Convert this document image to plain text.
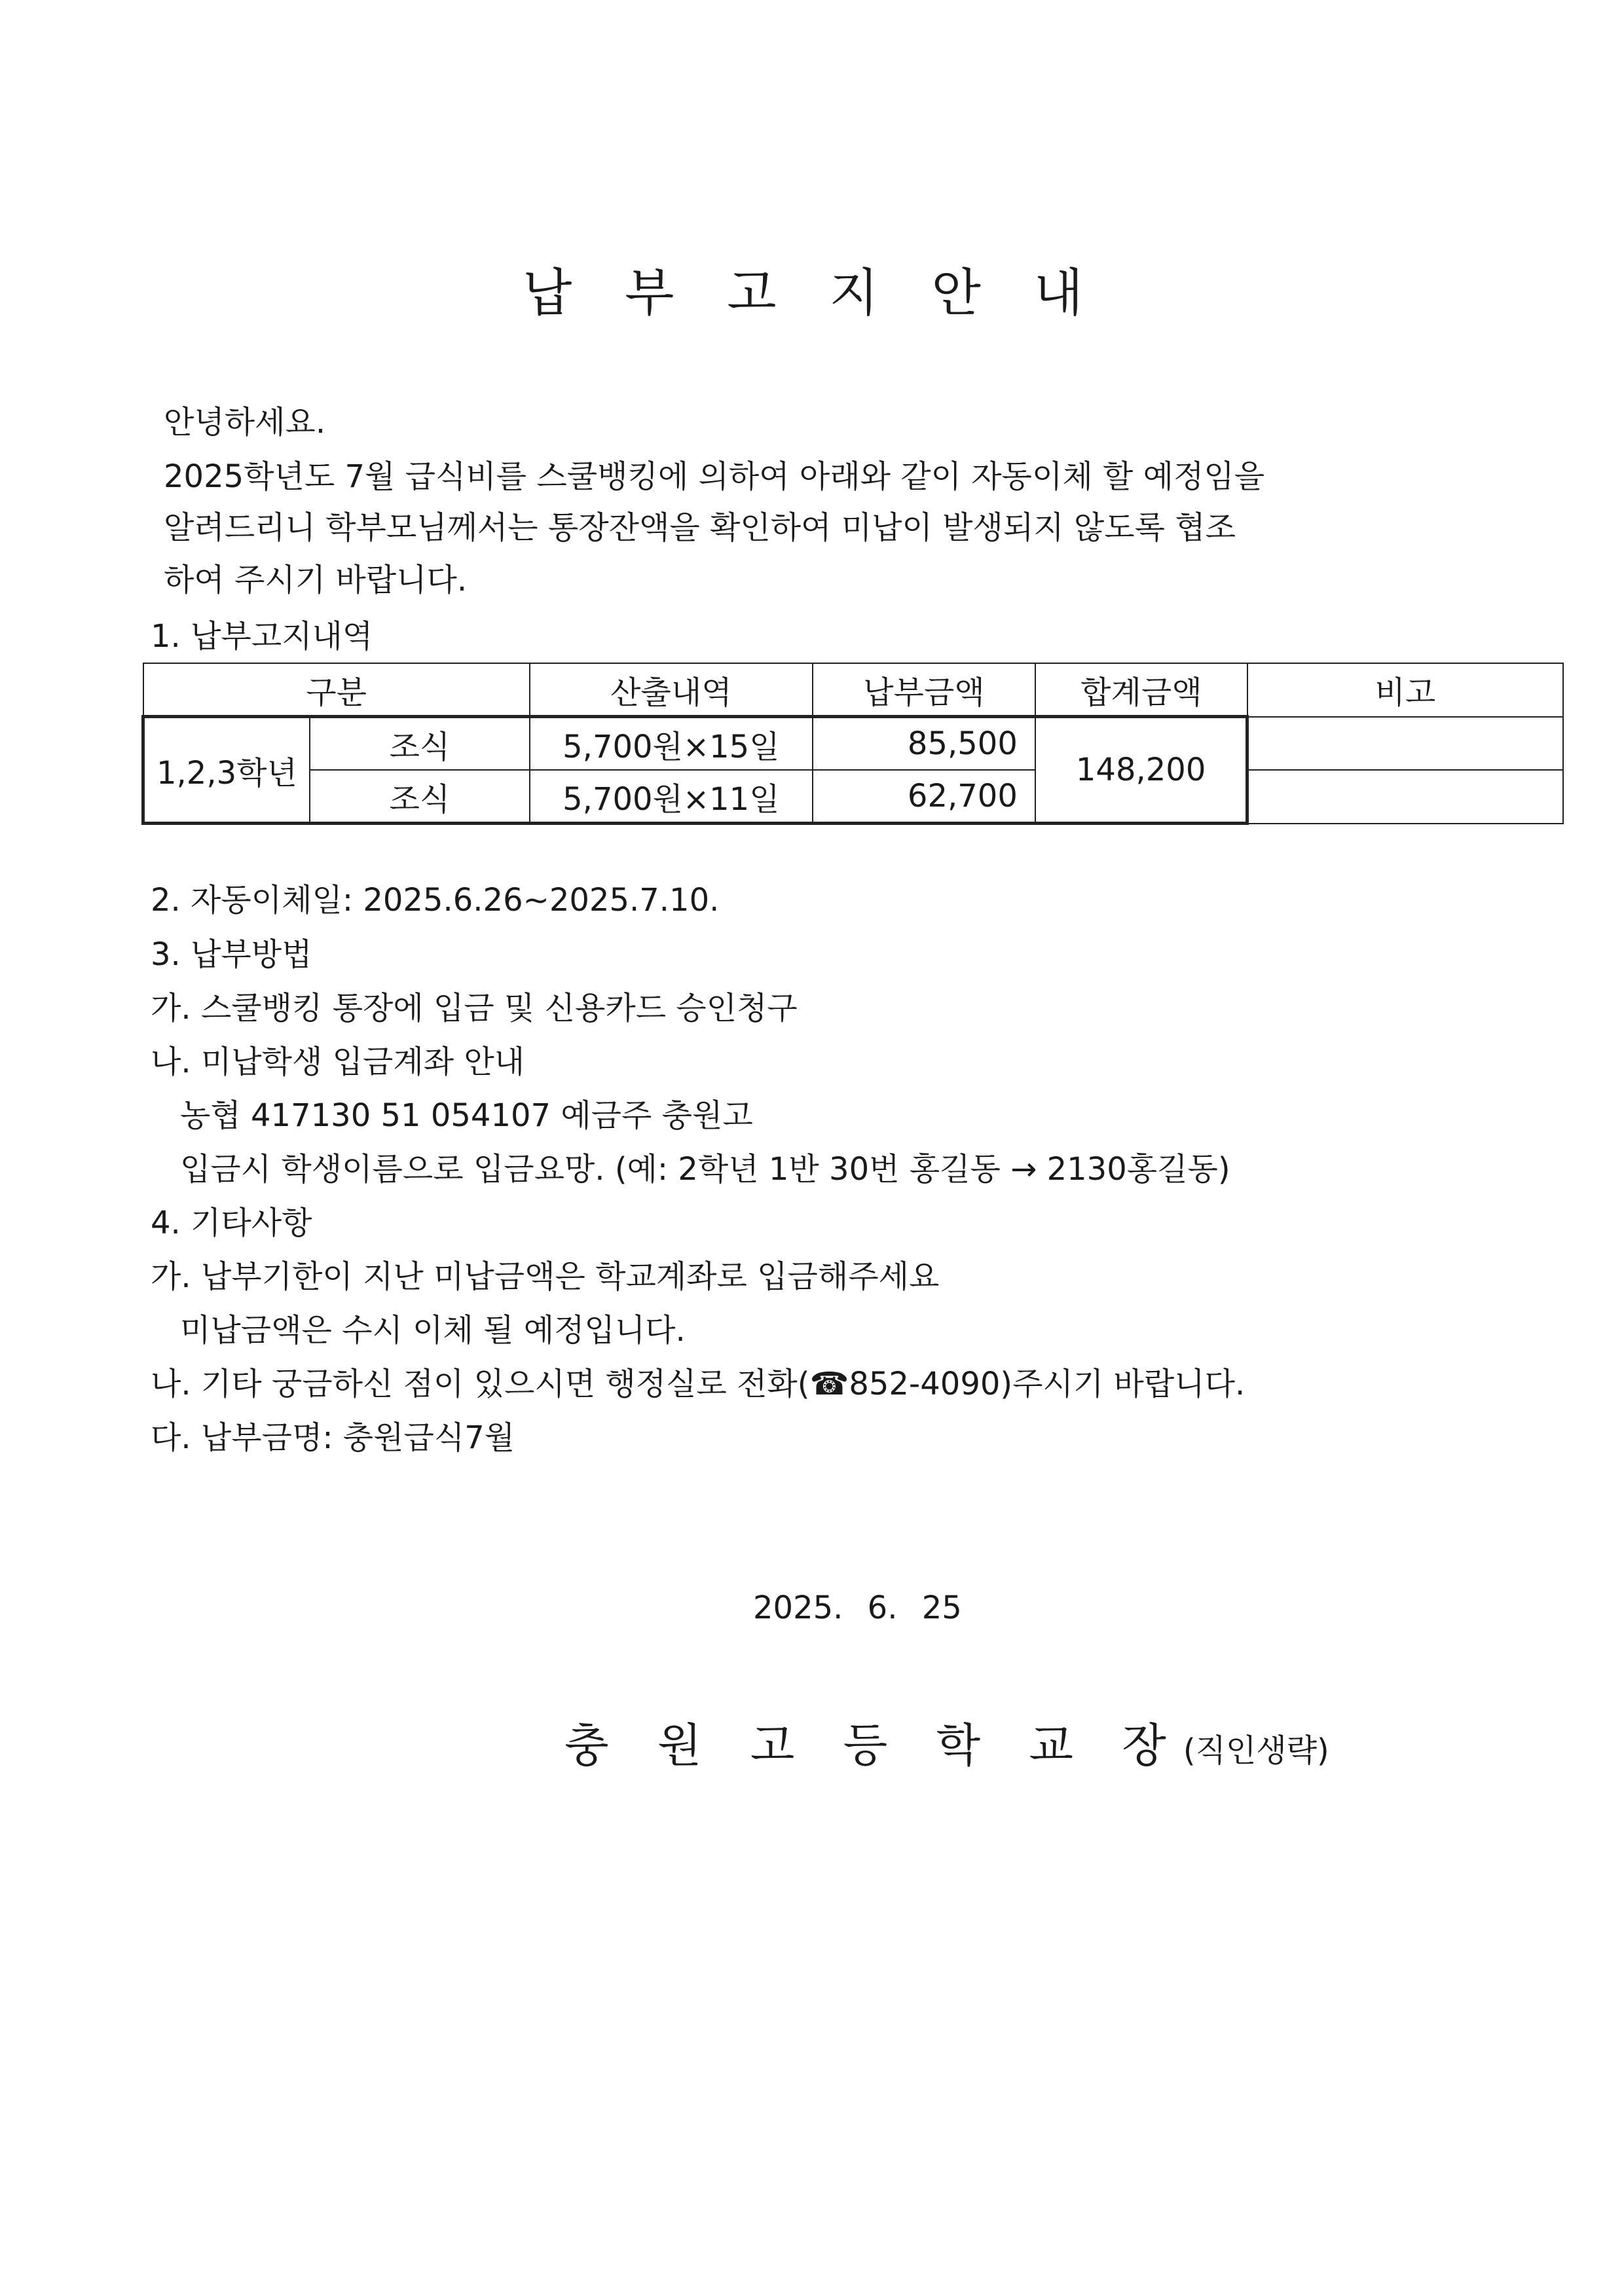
납 부 고 지 안 내
안녕하세요.
2025학년도 7월 급식비를 스쿨뱅킹에 의하여 아래와 같이 자동이체 할 예정임을
알려드리니 학부모님께서는 통장잔액을 확인하여 미납이 발생되지 않도록 협조
하여 주시기 바랍니다.
1. 납부고지내역
구분		산출내역	납부금액	합계금액	비고
1,2,3학년	조식	5,700원×15일	85,500	148,200	
	조식	5,700원×11일	62,700		
2. 자동이체일: 2025.6.26~2025.7.10.
3. 납부방법
가. 스쿨뱅킹 통장에 입금 및 신용카드 승인청구
나. 미납학생 입금계좌 안내
농협 417130 51 054107 예금주 충원고
입금시 학생이름으로 입금요망. (예: 2학년 1반 30번 홍길동 → 2130홍길동)
4. 기타사항
가. 납부기한이 지난 미납금액은 학교계좌로 입금해주세요
미납금액은 수시 이체 될 예정입니다.
나. 기타 궁금하신 점이 있으시면 행정실로 전화(☎852-4090)주시기 바랍니다.
다. 납부금명: 충원급식7월
2025. 6. 25
충 원 고 등 학 교 장(직인생략)
